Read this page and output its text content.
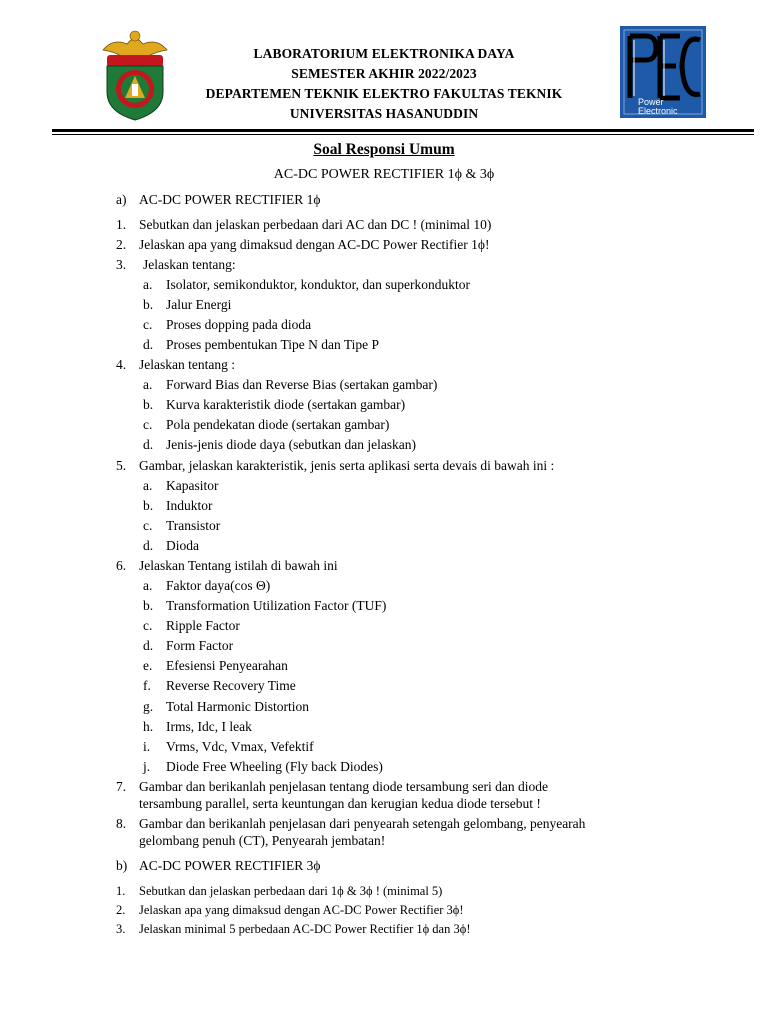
Power
Electronic
LABORATORIUM ELEKTRONIKA DAYA
SEMESTER AKHIR 2022/2023
DEPARTEMEN TEKNIK ELEKTRO FAKULTAS TEKNIK
UNIVERSITAS HASANUDDIN
Soal Responsi Umum
AC-DC POWER RECTIFIER 1ϕ & 3ϕ
a) AC-DC POWER RECTIFIER 1ϕ
1. Sebutkan dan jelaskan perbedaan dari AC dan DC ! (minimal 10)
2. Jelaskan apa yang dimaksud dengan AC-DC Power Rectifier 1ϕ!
3. Jelaskan tentang:
a. Isolator, semikonduktor, konduktor, dan superkonduktor
b. Jalur Energi
c. Proses dopping pada dioda
d. Proses pembentukan Tipe N dan Tipe P
4. Jelaskan tentang :
a. Forward Bias dan Reverse Bias (sertakan gambar)
b. Kurva karakteristik diode (sertakan gambar)
c. Pola pendekatan diode (sertakan gambar)
d. Jenis-jenis diode daya (sebutkan dan jelaskan)
5. Gambar, jelaskan karakteristik, jenis serta aplikasi serta devais di bawah ini :
a. Kapasitor
b. Induktor
c. Transistor
d. Dioda
6. Jelaskan Tentang istilah di bawah ini
a. Faktor daya(cos Θ)
b. Transformation Utilization Factor (TUF)
c. Ripple Factor
d. Form Factor
e. Efesiensi Penyearahan
f. Reverse Recovery Time
g. Total Harmonic Distortion
h. Irms, Idc, I leak
i. Vrms, Vdc, Vmax, Vefektif
j. Diode Free Wheeling (Fly back Diodes)
7. Gambar dan berikanlah penjelasan tentang diode tersambung seri dan diode
tersambung parallel, serta keuntungan dan kerugian kedua diode tersebut !
8. Gambar dan berikanlah penjelasan dari penyearah setengah gelombang, penyearah
gelombang penuh (CT), Penyearah jembatan!
b) AC-DC POWER RECTIFIER 3ϕ
1. Sebutkan dan jelaskan perbedaan dari 1ϕ & 3ϕ ! (minimal 5)
2. Jelaskan apa yang dimaksud dengan AC-DC Power Rectifier 3ϕ!
3. Jelaskan minimal 5 perbedaan AC-DC Power Rectifier 1ϕ dan 3ϕ!
